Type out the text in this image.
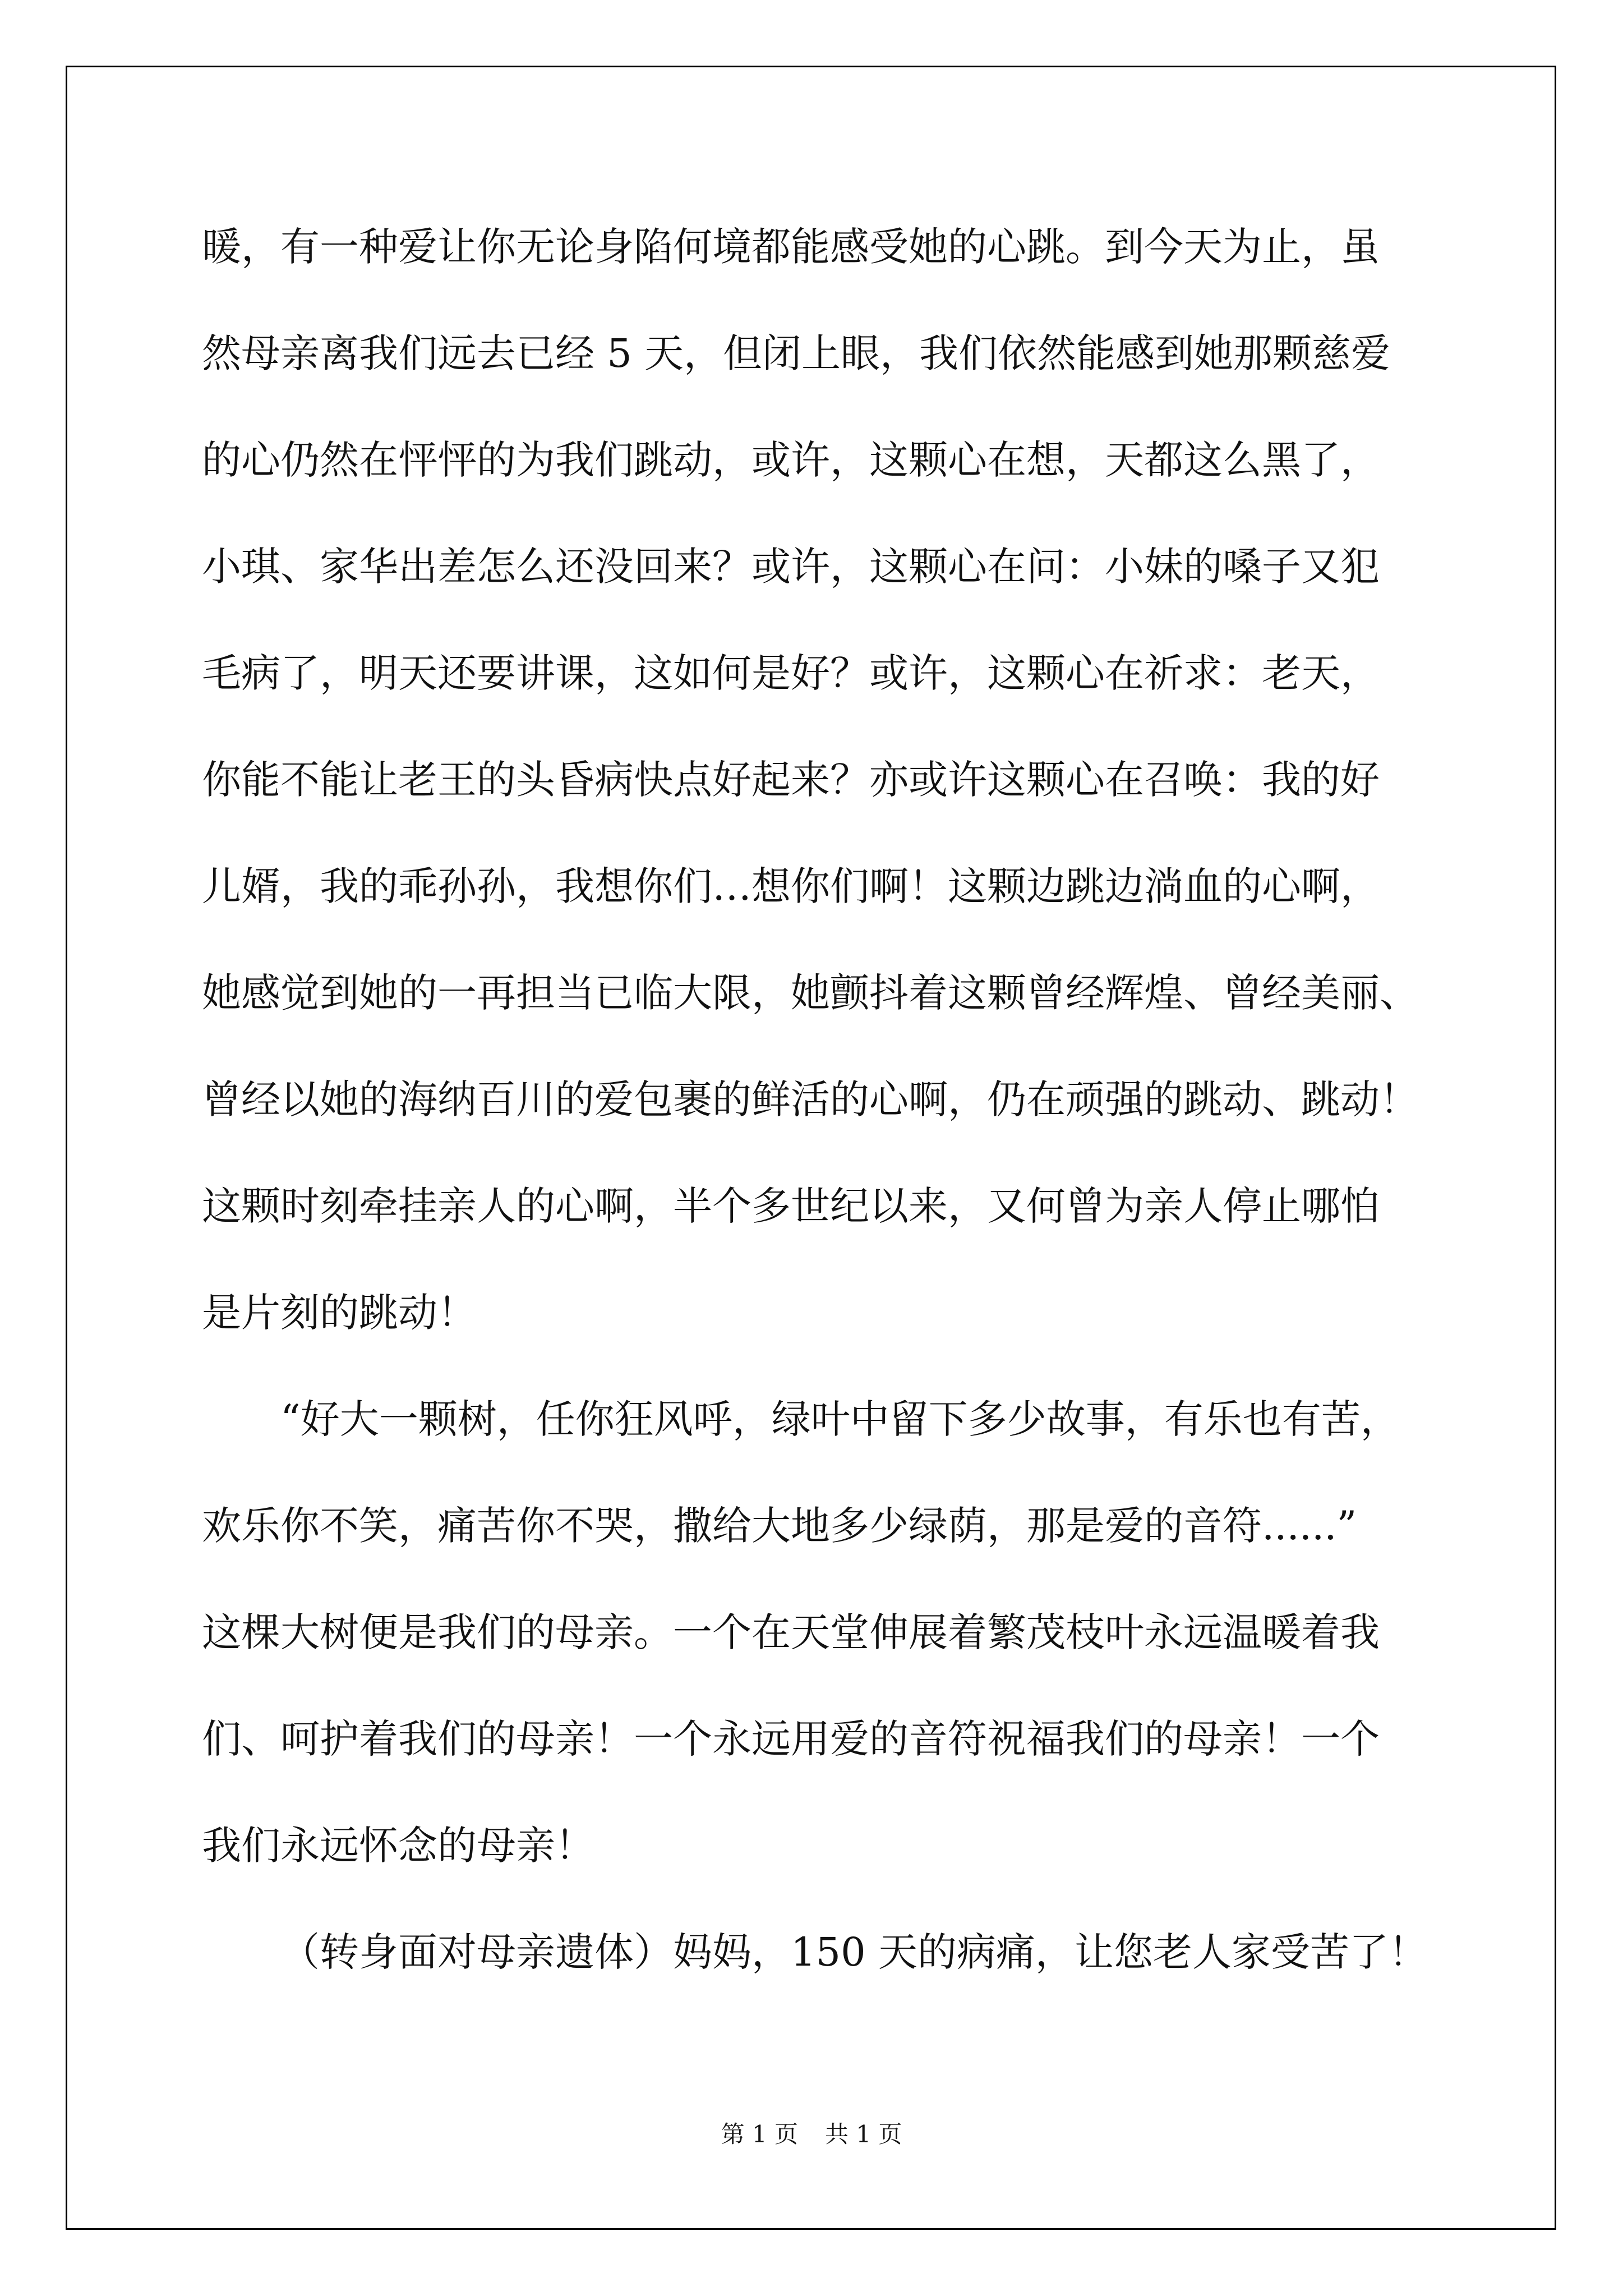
暖，有一种爱让你无论身陷何境都能感受她的心跳。到今天为止，虽
然母亲离我们远去已经 5 天，但闭上眼，我们依然能感到她那颗慈爱
的心仍然在怦怦的为我们跳动，或许，这颗心在想，天都这么黑了，
小琪、家华出差怎么还没回来？或许，这颗心在问：小妹的嗓子又犯
毛病了，明天还要讲课，这如何是好？或许，这颗心在祈求：老天，
你能不能让老王的头昏病快点好起来？亦或许这颗心在召唤：我的好
儿婿，我的乖孙孙，我想你们…想你们啊！这颗边跳边淌血的心啊，
她感觉到她的一再担当已临大限，她颤抖着这颗曾经辉煌、曾经美丽、
曾经以她的海纳百川的爱包裹的鲜活的心啊，仍在顽强的跳动、跳动！
这颗时刻牵挂亲人的心啊，半个多世纪以来，又何曾为亲人停止哪怕
是片刻的跳动！
“好大一颗树，任你狂风呼，绿叶中留下多少故事，有乐也有苦，
欢乐你不笑，痛苦你不哭，撒给大地多少绿荫，那是爱的音符......”
这棵大树便是我们的母亲。一个在天堂伸展着繁茂枝叶永远温暖着我
们、呵护着我们的母亲！一个永远用爱的音符祝福我们的母亲！一个
我们永远怀念的母亲！
（转身面对母亲遗体）妈妈，150 天的病痛，让您老人家受苦了！
第 1 页 共 1 页
